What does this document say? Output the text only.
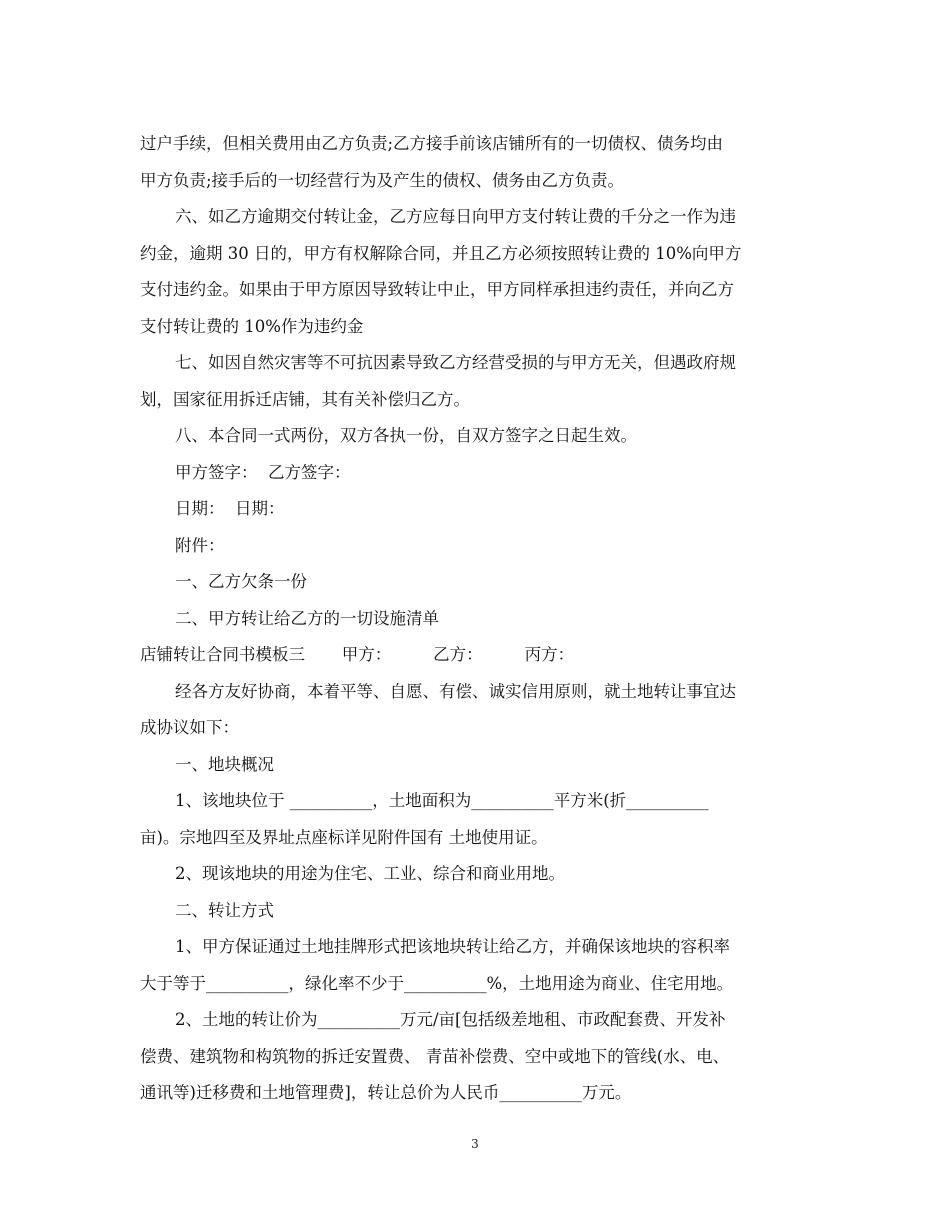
过户手续，但相关费用由乙方负责;乙方接手前该店铺所有的一切债权、债务均由

甲方负责;接手后的一切经营行为及产生的债权、债务由乙方负责。

六、如乙方逾期交付转让金，乙方应每日向甲方支付转让费的千分之一作为违

约金，逾期 30 日的，甲方有权解除合同，并且乙方必须按照转让费的 10%向甲方

支付违约金。如果由于甲方原因导致转让中止，甲方同样承担违约责任，并向乙方

支付转让费的 10%作为违约金

七、如因自然灾害等不可抗因素导致乙方经营受损的与甲方无关，但遇政府规

划，国家征用拆迁店铺，其有关补偿归乙方。

八、本合同一式两份，双方各执一份，自双方签字之日起生效。

甲方签字：  乙方签字：

日期：  日期：

附件：

一、乙方欠条一份

二、甲方转让给乙方的一切设施清单

店铺转让合同书模板三       甲方：        乙方：        丙方：

经各方友好协商，本着平等、自愿、有偿、诚实信用原则，就土地转让事宜达

成协议如下：

一、地块概况

1、该地块位于 __________，土地面积为__________平方米(折__________

亩)。宗地四至及界址点座标详见附件国有 土地使用证。

2、现该地块的用途为住宅、工业、综合和商业用地。

二、转让方式

1、甲方保证通过土地挂牌形式把该地块转让给乙方，并确保该地块的容积率

大于等于__________，绿化率不少于__________%，土地用途为商业、住宅用地。

2、土地的转让价为__________万元/亩[包括级差地租、市政配套费、开发补

偿费、建筑物和构筑物的拆迁安置费、 青苗补偿费、空中或地下的管线(水、电、

通讯等)迁移费和土地管理费]，转让总价为人民币__________万元。

3
